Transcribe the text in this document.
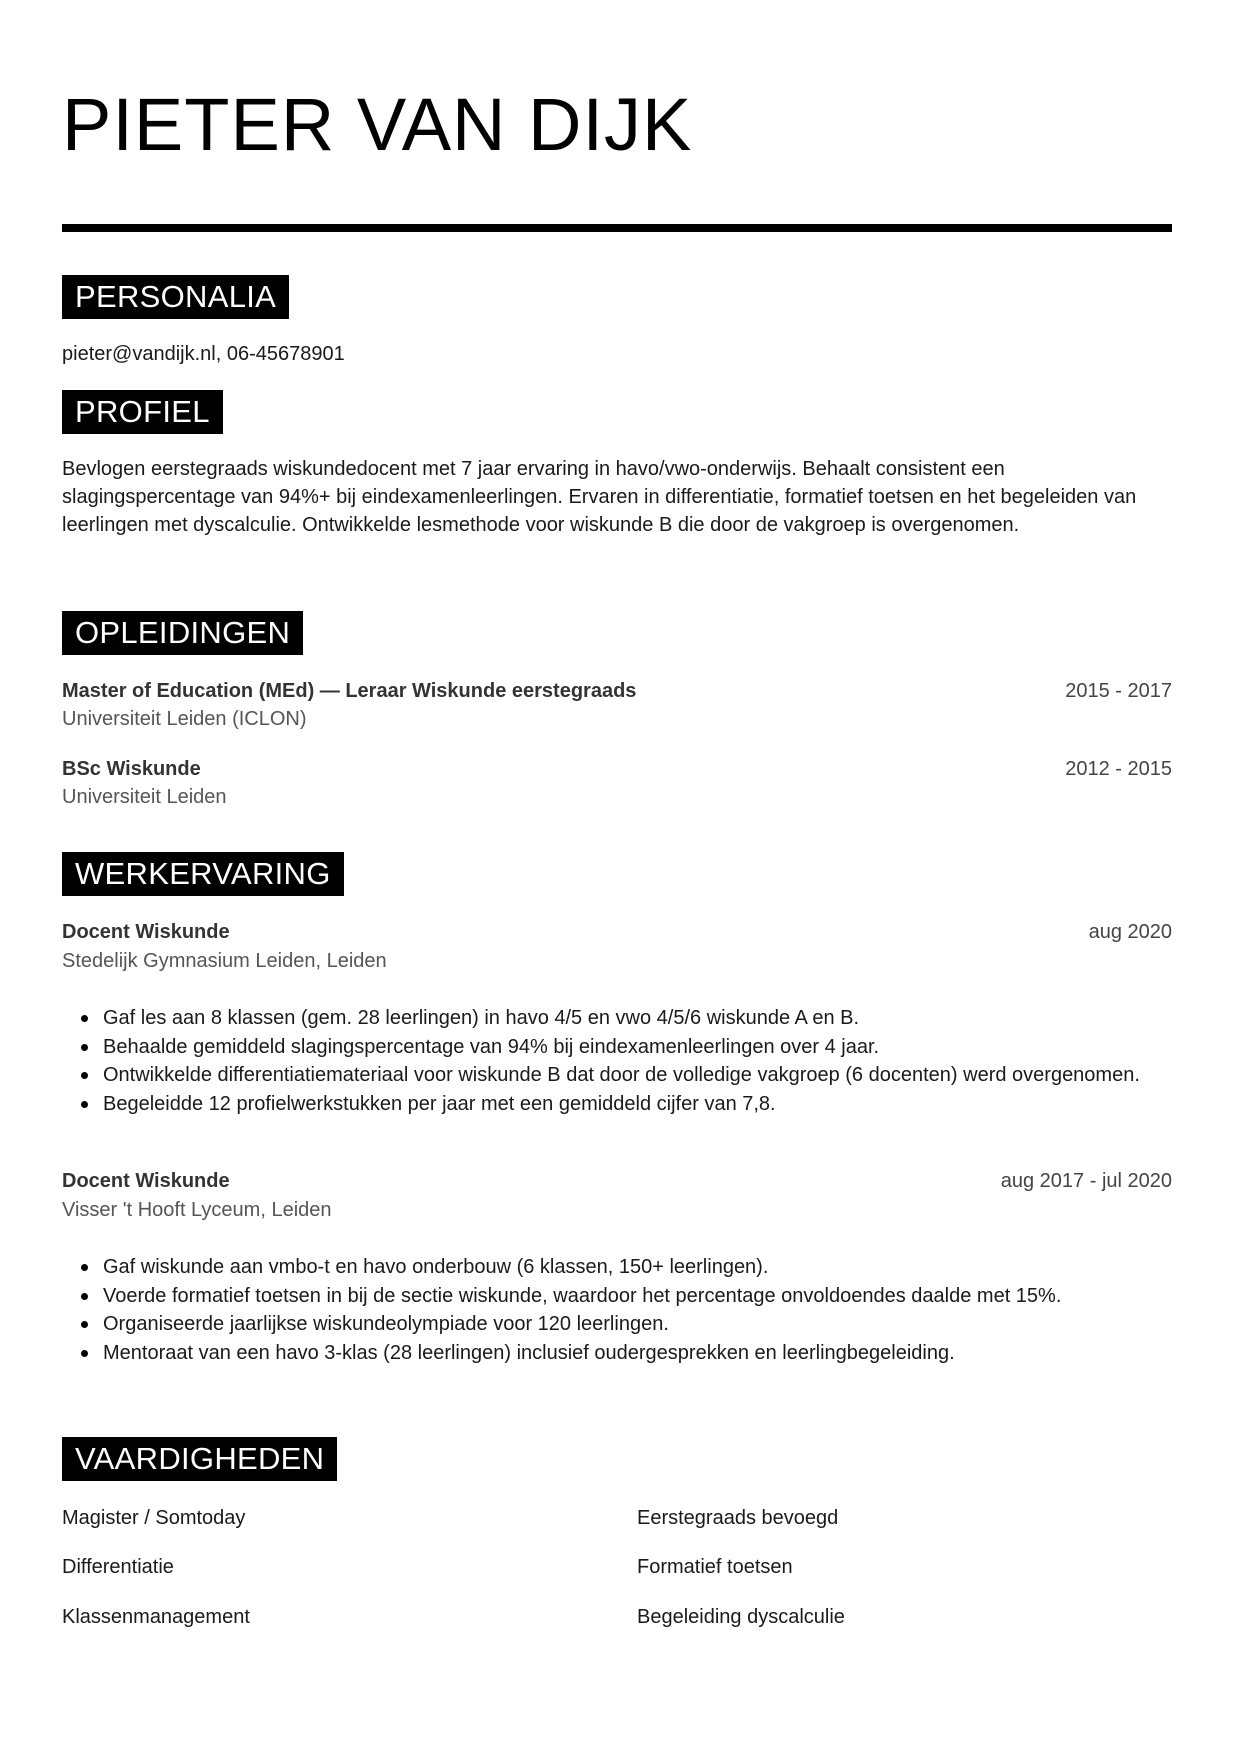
PIETER VAN DIJK
PERSONALIA
pieter@vandijk.nl, 06-45678901
PROFIEL
Bevlogen eerstegraads wiskundedocent met 7 jaar ervaring in havo/vwo-onderwijs. Behaalt consistent een slagingspercentage van 94%+ bij eindexamenleerlingen. Ervaren in differentiatie, formatief toetsen en het begeleiden van leerlingen met dyscalculie. Ontwikkelde lesmethode voor wiskunde B die door de vakgroep is overgenomen.
OPLEIDINGEN
Master of Education (MEd) — Leraar Wiskunde eerstegraads	2015 - 2017
Universiteit Leiden (ICLON)
BSc Wiskunde	2012 - 2015
Universiteit Leiden
WERKERVARING
Docent Wiskunde	aug 2020
Stedelijk Gymnasium Leiden, Leiden
Gaf les aan 8 klassen (gem. 28 leerlingen) in havo 4/5 en vwo 4/5/6 wiskunde A en B.
Behaalde gemiddeld slagingspercentage van 94% bij eindexamenleerlingen over 4 jaar.
Ontwikkelde differentiatiemateriaal voor wiskunde B dat door de volledige vakgroep (6 docenten) werd overgenomen.
Begeleidde 12 profielwerkstukken per jaar met een gemiddeld cijfer van 7,8.
Docent Wiskunde	aug 2017 - jul 2020
Visser 't Hooft Lyceum, Leiden
Gaf wiskunde aan vmbo-t en havo onderbouw (6 klassen, 150+ leerlingen).
Voerde formatief toetsen in bij de sectie wiskunde, waardoor het percentage onvoldoendes daalde met 15%.
Organiseerde jaarlijkse wiskundeolympiade voor 120 leerlingen.
Mentoraat van een havo 3-klas (28 leerlingen) inclusief oudergesprekken en leerlingbegeleiding.
VAARDIGHEDEN
Magister / Somtoday	Eerstegraads bevoegd
Differentiatie	Formatief toetsen
Klassenmanagement	Begeleiding dyscalculie
